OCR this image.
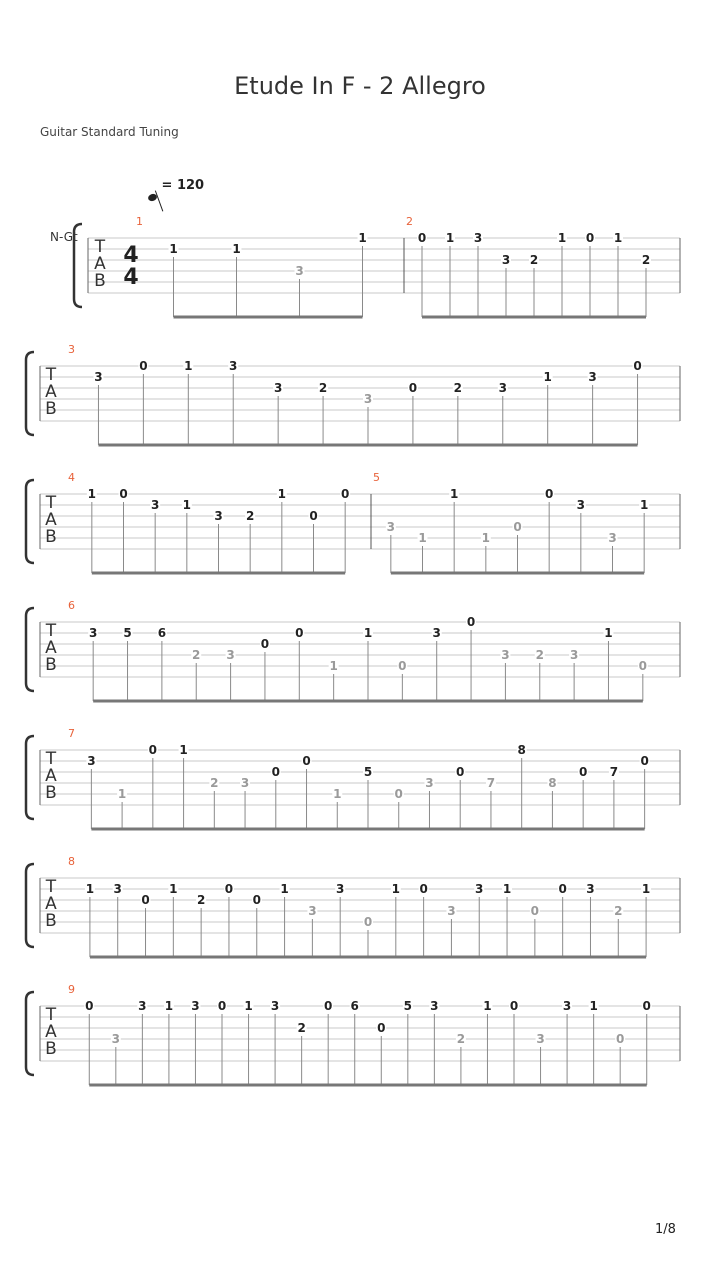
Etude In F - 2 Allegro
Guitar Standard Tuning
= 120
N-Gt
1/8
T
A
B
4
4
1
1	1
3
1
2
0 1 3
3 2
1 0 1
2
T
A
B
3
3
0	1	3
3	2
3
0	2	3
1	3
0
T
A
B
4
1 0
3 1
3 2
1
0
0
5
3
1
1
1
0
0
3
3
1
T
A
B
6
3 5 6
2 3
0
0
1
1
0
3
0
3 2 3
1
0
T
A
B
7
3
1
0 1
2 3
0
0
1
5
0
3
0
7
8
8
0 7
0
T
A
B
8
1 3
0
1
2
0
0
1
3
3
0
1 0
3
3 1
0
0 3
2
1
T
A
B
9
0
3
3 1 3 0 1 3
2
0 6
0
5 3
2
1 0
3
3 1
0
0
